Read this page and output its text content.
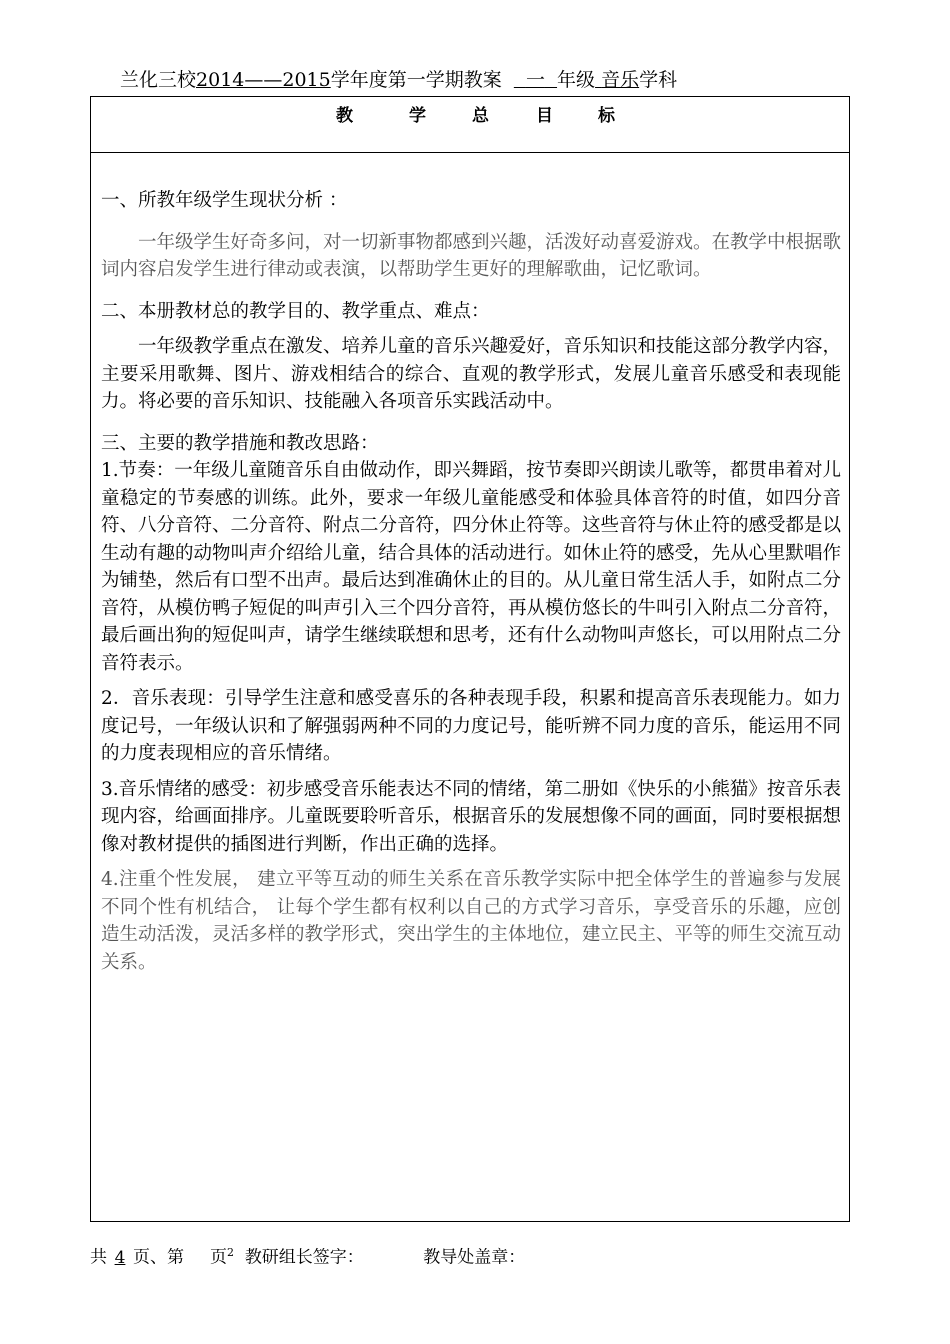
兰化三校2014——2015学年度第一学期教案 一 年级 音乐学科
教	学	总	目	标

一、所教年级学生现状分析 ：

一年级学生好奇多问，对一切新事物都感到兴趣，活泼好动喜爱游戏。在教学中根据歌词内容启发学生进行律动或表演，以帮助学生更好的理解歌曲，记忆歌词。

二、本册教材总的教学目的、教学重点、难点：

一年级教学重点在激发、培养儿童的音乐兴趣爱好，音乐知识和技能这部分教学内容，主要采用歌舞、图片、游戏相结合的综合、直观的教学形式，发展儿童音乐感受和表现能力。将必要的音乐知识、技能融入各项音乐实践活动中。

三、主要的教学措施和教改思路：

1.节奏：一年级儿童随音乐自由做动作，即兴舞蹈，按节奏即兴朗读儿歌等，都贯串着对儿童稳定的节奏感的训练。此外，要求一年级儿童能感受和体验具体音符的时值，如四分音符、八分音符、二分音符、附点二分音符，四分休止符等。这些音符与休止符的感受都是以生动有趣的动物叫声介绍给儿童，结合具体的活动进行。如休止符的感受，先从心里默唱作为铺垫，然后有口型不出声。最后达到准确休止的目的。从儿童日常生活人手，如附点二分音符，从模仿鸭子短促的叫声引入三个四分音符，再从模仿悠长的牛叫引入附点二分音符，最后画出狗的短促叫声，请学生继续联想和思考，还有什么动物叫声悠长，可以用附点二分音符表示。

2．音乐表现：引导学生注意和感受喜乐的各种表现手段，积累和提高音乐表现能力。如力度记号，一年级认识和了解强弱两种不同的力度记号，能听辨不同力度的音乐，能运用不同的力度表现相应的音乐情绪。

3.音乐情绪的感受：初步感受音乐能表达不同的情绪，第二册如《快乐的小熊猫》按音乐表现内容，给画面排序。儿童既要聆听音乐，根据音乐的发展想像不同的画面，同时要根据想像对教材提供的插图进行判断，作出正确的选择。

4.注重个性发展， 建立平等互动的师生关系在音乐教学实际中把全体学生的普遍参与发展不同个性有机结合， 让每个学生都有权利以自己的方式学习音乐，享受音乐的乐趣，应创造生动活泼，灵活多样的教学形式，突出学生的主体地位，建立民主、平等的师生交流互动关系。

共 4 页、第 页$^2$ 教研组长签字：	教导处盖章：
